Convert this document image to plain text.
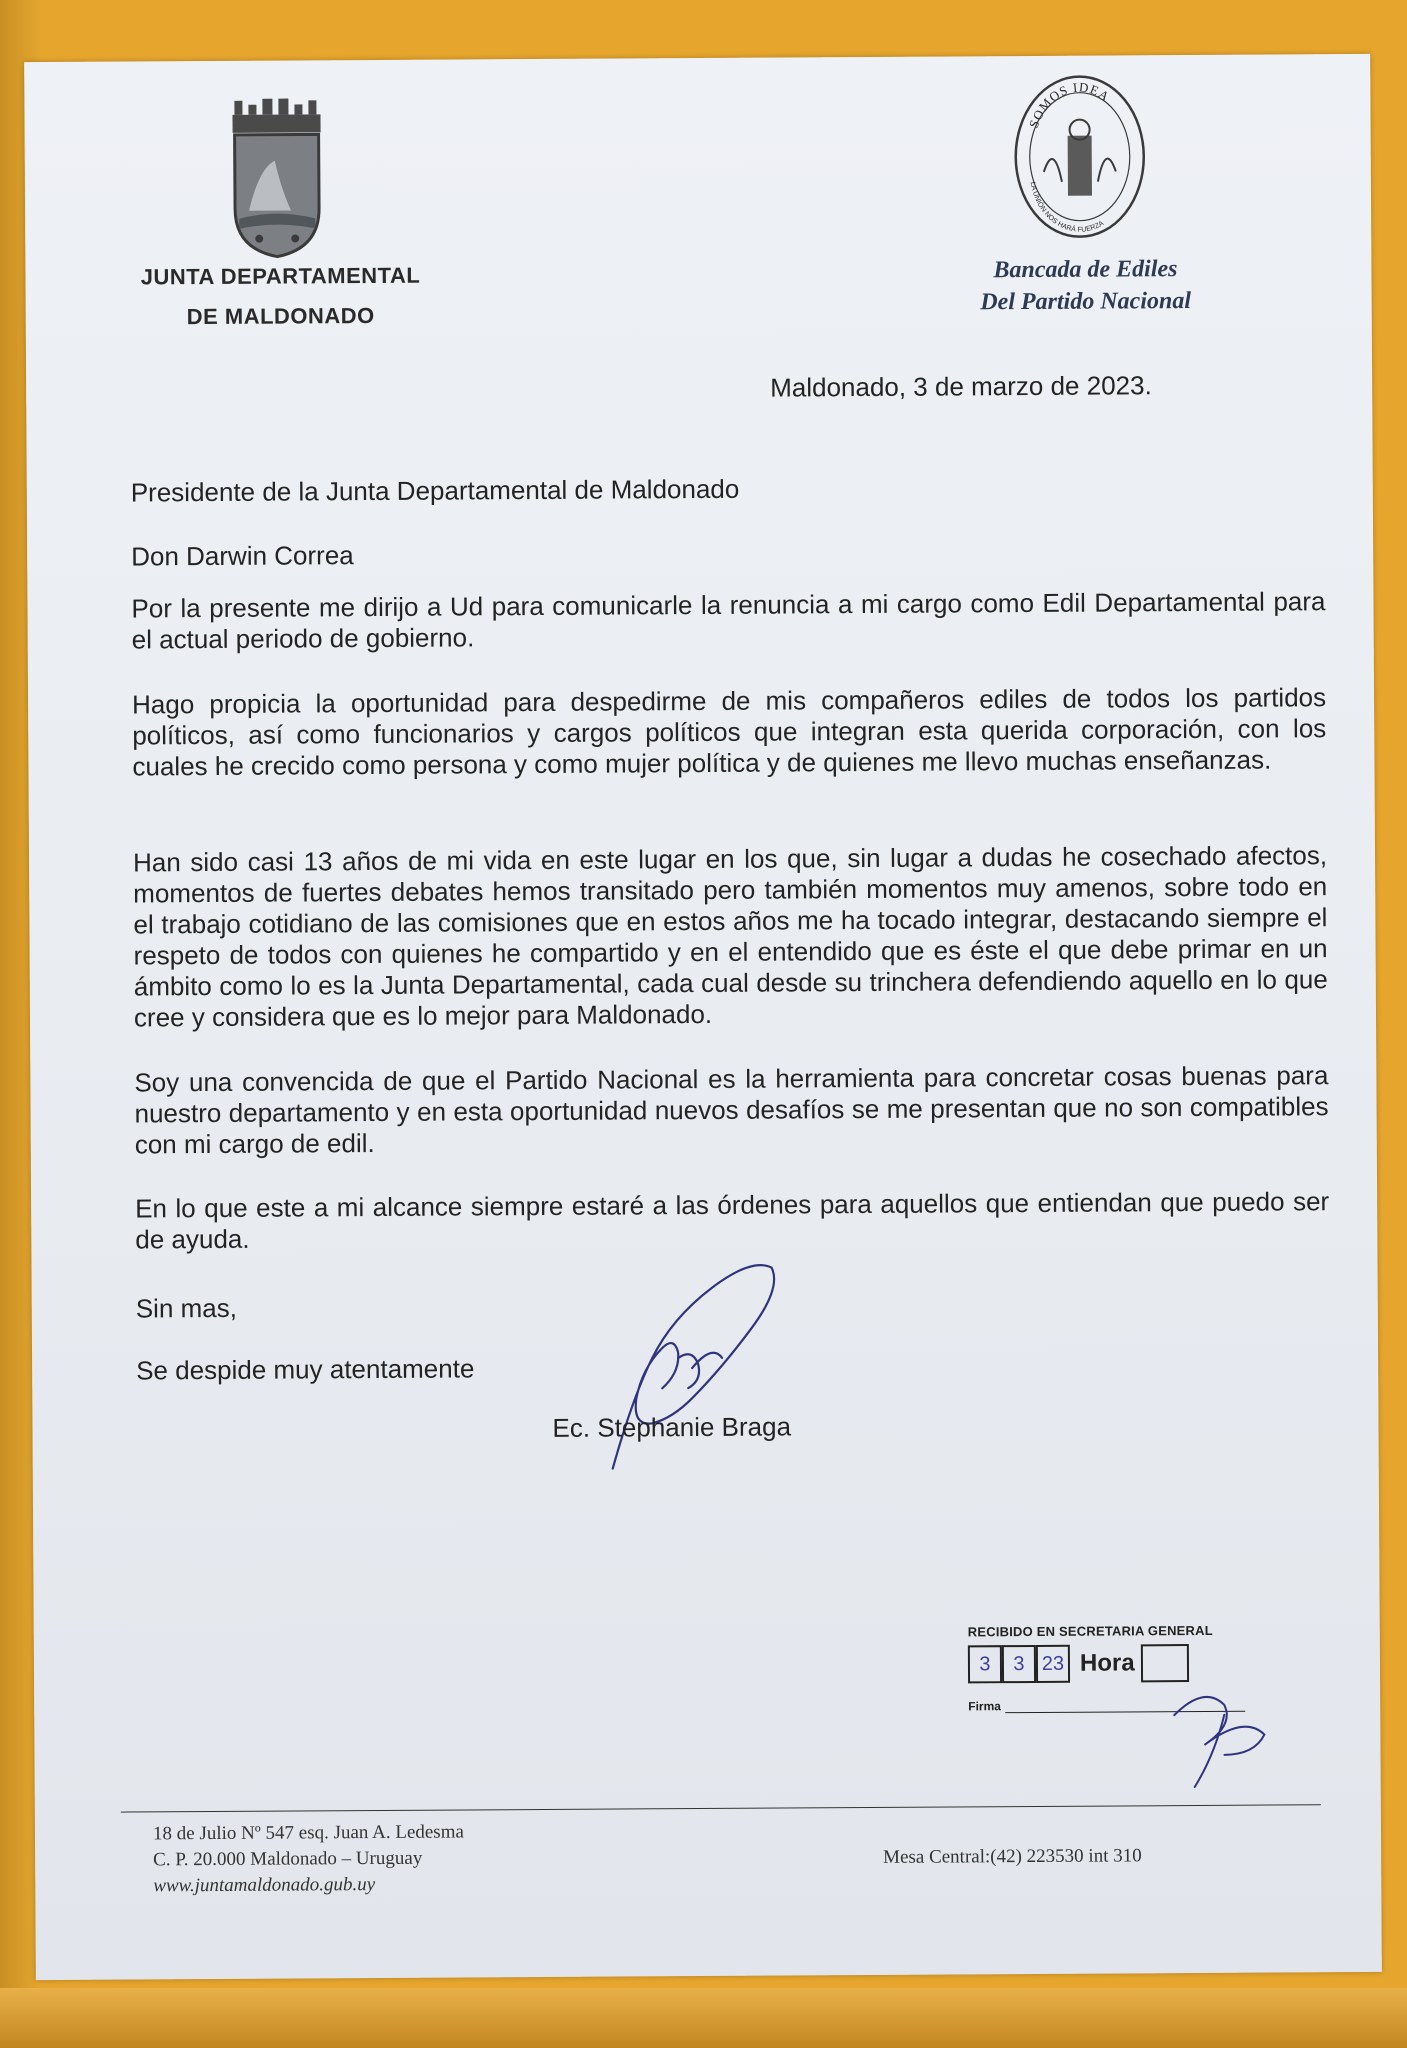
JUNTA DEPARTAMENTAL
DE MALDONADO
SOMOS IDEA
LA UNIÓN NOS HARÁ FUERZA
Bancada de Ediles
Del Partido Nacional
Maldonado, 3 de marzo de 2023.
Presidente de la Junta Departamental de Maldonado
Don Darwin Correa
Por la presente me dirijo a Ud para comunicarle la renuncia a mi cargo como Edil Departamental para el actual periodo de gobierno.
Hago propicia la oportunidad para despedirme de mis compañeros ediles de todos los partidos políticos, así como funcionarios y cargos políticos que integran esta querida corporación, con los cuales he crecido como persona y como mujer política y de quienes me llevo muchas enseñanzas.
Han sido casi 13 años de mi vida en este lugar en los que, sin lugar a dudas he cosechado afectos, momentos de fuertes debates hemos transitado pero también momentos muy amenos, sobre todo en el trabajo cotidiano de las comisiones que en estos años me ha tocado integrar, destacando siempre el respeto de todos con quienes he compartido y en el entendido que es éste el que debe primar en un ámbito como lo es la Junta Departamental, cada cual desde su trinchera defendiendo aquello en lo que cree y considera que es lo mejor para Maldonado.
Soy una convencida de que el Partido Nacional es la herramienta para concretar cosas buenas para nuestro departamento y en esta oportunidad nuevos desafíos se me presentan que no son compatibles con mi cargo de edil.
En lo que este a mi alcance siempre estaré a las órdenes para aquellos que entiendan que puedo ser de ayuda.
Sin mas,
Se despide muy atentamente
Ec. Stephanie Braga
RECIBIDO EN SECRETARIA GENERAL
3	3 23 Hora
Firma
18 de Julio Nº 547 esq. Juan A. Ledesma
C. P. 20.000 Maldonado – Uruguay
www.juntamaldonado.gub.uy
Mesa Central:(42) 223530 int 310
